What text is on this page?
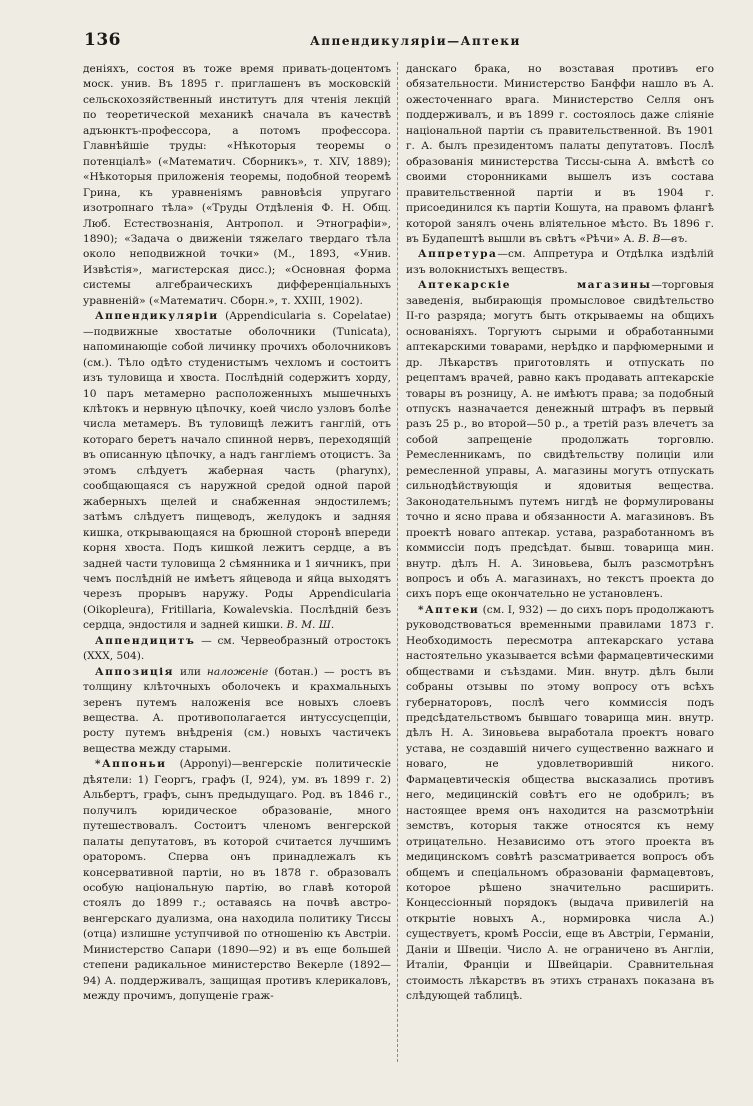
136	Аппендикуляріи—Аптеки

деніяхъ, состоя въ тоже время привать-доцентомъ моск. унив. Въ 1895 г. приглашенъ въ московскій сельскохозяйственный институтъ для чтенія лекцій по теоретической механикѣ сначала въ качествѣ адъюнктъ-профессора, а потомъ профессора. Главнѣйшіе труды: «Нѣкоторыя теоремы о потенціалѣ» («Математич. Сборникъ», т. XIV, 1889); «Нѣкоторыя приложенія теоремы, подобной теоремѣ Грина, къ уравненіямъ равновѣсія упругаго изотропнаго тѣла» («Труды Отдѣленія Ф. Н. Общ. Люб. Естествознанія, Антропол. и Этнографіи», 1890); «Задача о движеніи тяжелаго твердаго тѣла около неподвижной точки» (М., 1893, «Унив. Извѣстія», магистерская дисс.); «Основная форма системы алгебраическихъ дифференціальныхъ уравненій» («Математич. Сборн.», т. XXIII, 1902).

Аппендикуляріи (Appendicularia s. Copelatae)—подвижные хвостатые оболочники (Tunicata), напоминающіе собой личинку прочихъ оболочниковъ (см.). Тѣло одѣто студенистымъ чехломъ и состоитъ изъ туловища и хвоста. Послѣдній содержитъ хорду, 10 паръ метамерно расположенныхъ мышечныхъ клѣтокъ и нервную цѣпочку, коей число узловъ болѣе числа метамеръ. Въ туловищѣ лежитъ ганглій, отъ котораго беретъ начало спинной нервъ, переходящій въ описанную цѣпочку, а надъ гангліемъ отоцистъ. За этомъ слѣдуетъ жаберная часть (pharynx), сообщающаяся съ наружной средой одной парой жаберныхъ щелей и снабженная эндостилемъ; затѣмъ слѣдуетъ пищеводъ, желудокъ и задняя кишка, открывающаяся на брюшной сторонѣ впереди корня хвоста. Подъ кишкой лежитъ сердце, а въ задней части туловища 2 сѣмянника и 1 яичникъ, при чемъ послѣдній не имѣетъ яйцевода и яйца выходятъ черезъ прорывъ наружу. Роды Appendicularia (Oikopleura), Fritillaria, Kowalevskia. Послѣдній безъ сердца, эндостиля и задней кишки. В. М. Ш.

Аппендицитъ — см. Червеобразный отростокъ (XXX, 504).

Аппозиція или наложеніе (ботан.) — ростъ въ толщину клѣточныхъ оболочекъ и крахмальныхъ зеренъ путемъ наложенія все новыхъ слоевъ вещества. А. противополагается интуссусцепціи, росту путемъ внѣдренія (см.) новыхъ частичекъ вещества между старыми.

*Аппоньи (Apponyi)—венгерскіе политическіе дѣятели: 1) Георгъ, графъ (I, 924), ум. въ 1899 г. 2) Альбертъ, графъ, сынъ предыдущаго. Род. въ 1846 г., получилъ юридическое образованіе, много путешествовалъ. Состоитъ членомъ венгерской палаты депутатовъ, въ которой считается лучшимъ ораторомъ. Сперва онъ принадлежалъ къ консервативной партіи, но въ 1878 г. образовалъ особую національную партію, во главѣ которой стоялъ до 1899 г.; оставаясь на почвѣ австро-венгерскаго дуализма, она находила политику Тиссы (отца) излишне уступчивой по отношенію къ Австріи. Министерство Сапари (1890—92) и въ еще большей степени радикальное министерство Векерле (1892—94) А. поддерживалъ, защищая противъ клерикаловъ, между прочимъ, допущеніе граж-

данскаго брака, но возставая противъ его обязательности. Министерство Банффи нашло въ А. ожесточеннаго врага. Министерство Селля онъ поддерживалъ, и въ 1899 г. состоялось даже сліяніе національной партіи съ правительственной. Въ 1901 г. А. былъ президентомъ палаты депутатовъ. Послѣ образованія министерства Тиссы-сына А. вмѣстѣ со своими сторонниками вышелъ изъ состава правительственной партіи и въ 1904 г. присоединился къ партіи Кошута, на правомъ флангѣ которой занялъ очень вліятельное мѣсто. Въ 1896 г. въ Будапештѣ вышли въ свѣтъ «Рѣчи» А. В. В—въ.

Аппретура—см. Аппретура и Отдѣлка издѣлій изъ волокнистыхъ веществъ.

Аптекарскіе магазины—торговыя заведенія, выбирающія промысловое свидѣтельство II-го разряда; могутъ быть открываемы на общихъ основаніяхъ. Торгуютъ сырыми и обработанными аптекарскими товарами, нерѣдко и парфюмерными и др. Лѣкарствъ приготовлять и отпускать по рецептамъ врачей, равно какъ продавать аптекарскіе товары въ розницу, А. не имѣютъ права; за подобный отпускъ назначается денежный штрафъ въ первый разъ 25 р., во второй—50 р., а третій разъ влечетъ за собой запрещеніе продолжать торговлю. Ремесленникамъ, по свидѣтельству полиціи или ремесленной управы, А. магазины могутъ отпускать сильнодѣйствующія и ядовитыя вещества. Законодательнымъ путемъ нигдѣ не формулированы точно и ясно права и обязанности А. магазиновъ. Въ проектѣ новаго аптекар. устава, разработанномъ въ коммиссіи подъ предсѣдат. бывш. товарища мин. внутр. дѣлъ Н. А. Зиновьева, былъ разсмотрѣнъ вопросъ и объ А. магазинахъ, но текстъ проекта до сихъ поръ еще окончательно не установленъ.

*Аптеки (см. I, 932) — до сихъ поръ продолжаютъ руководствоваться временными правилами 1873 г. Необходимость пересмотра аптекарскаго устава настоятельно указывается всѣми фармацевтическими обществами и съѣздами. Мин. внутр. дѣлъ были собраны отзывы по этому вопросу отъ всѣхъ губернаторовъ, послѣ чего коммиссія подъ предсѣдательствомъ бывшаго товарища мин. внутр. дѣлъ Н. А. Зиновьева выработала проектъ новаго устава, не создавшій ничего существенно важнаго и новаго, не удовлетворившій никого. Фармацевтическія общества высказались противъ него, медицинскій совѣтъ его не одобрилъ; въ настоящее время онъ находится на разсмотрѣніи земствъ, которыя также относятся къ нему отрицательно. Независимо отъ этого проекта въ медицинскомъ совѣтѣ разсматривается вопросъ объ общемъ и спеціальномъ образованіи фармацевтовъ, которое рѣшено значительно расширить. Концессіонный порядокъ (выдача привилегій на открытіе новыхъ А., нормировка числа А.) существуетъ, кромѣ Россіи, еще въ Австріи, Германіи, Даніи и Швеціи. Число А. не ограничено въ Англіи, Италіи, Франціи и Швейцаріи. Сравнительная стоимость лѣкарствъ въ этихъ странахъ показана въ слѣдующей таблицѣ.
